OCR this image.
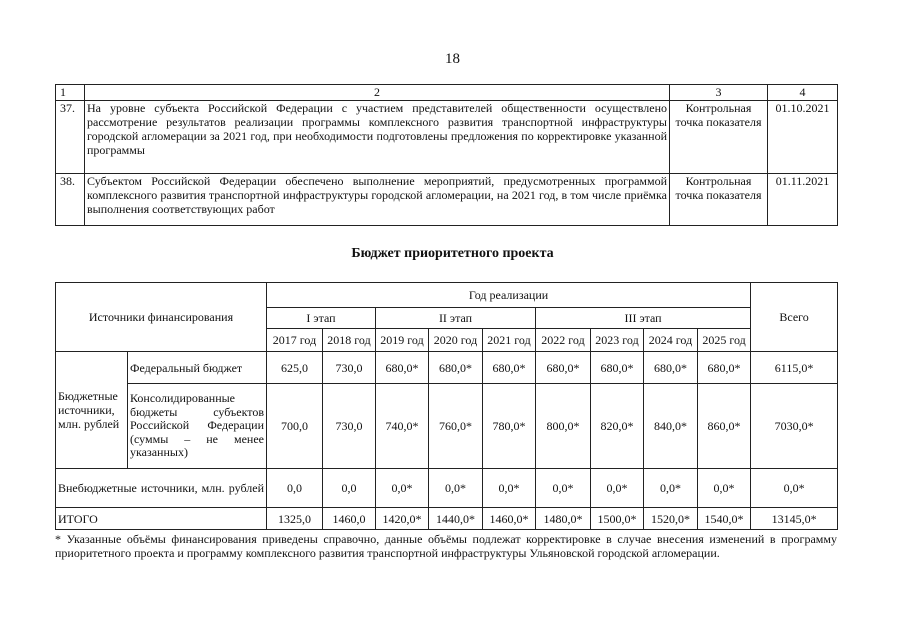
18
1	2	3	4
37.	На уровне субъекта Российской Федерации с участием представителей общественности осуществлено рассмотрение результатов реализации программы комплексного развития транспортной инфраструктуры городской агломерации за 2021 год, при необходимости подготовлены предложения по корректировке указанной программы	Контрольная точка показателя	01.10.2021
38.	Субъектом Российской Федерации обеспечено выполнение мероприятий, предусмотренных программой комплексного развития транспортной инфраструктуры городской агломерации, на 2021 год, в том числе приёмка выполнения соответствующих работ	Контрольная точка показателя	01.11.2021
Бюджет приоритетного проекта
Источники финансирования		Год реализации									Всего
		I этап		II этап			III этап				
		2017 год	2018 год	2019 год	2020 год	2021 год	2022 год	2023 год	2024 год	2025 год	
Бюджетные источники, млн. рублей	Федеральный бюджет	625,0	730,0	680,0*	680,0*	680,0*	680,0*	680,0*	680,0*	680,0*	6115,0*

	Консолидированные бюджеты субъектов Российской Федерации (суммы – не менее указанных)	700,0	730,0	740,0*	760,0*	780,0*	800,0*	820,0*	840,0*	860,0*	7030,0*
Внебюджетные источники, млн. рублей		0,0	0,0	0,0*	0,0*	0,0*	0,0*	0,0*	0,0*	0,0*	0,0*
ИТОГО		1325,0	1460,0	1420,0*	1440,0*	1460,0*	1480,0*	1500,0*	1520,0*	1540,0*	13145,0*
* Указанные объёмы финансирования приведены справочно, данные объёмы подлежат корректировке в случае внесения изменений в программу приоритетного проекта и программу комплексного развития транспортной инфраструктуры Ульяновской городской агломерации.
